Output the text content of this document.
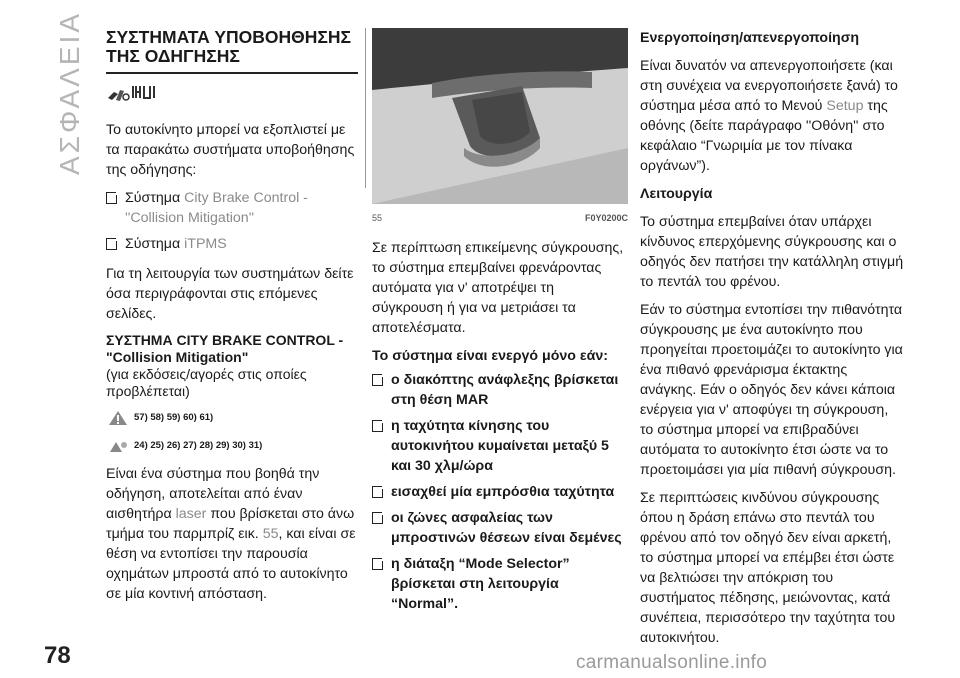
ΑΣΦΑΛΕΙΑ ΣΥΣΤΗΜΑΤΑ ΥΠΟΒΟΗΘΗΣΗΣ ΤΗΣ ΟΔΗΓΗΣΗΣ

Το αυτοκίνητο μπορεί να εξοπλιστεί με τα παρακάτω συστήματα υποβοήθησης της οδήγησης:

Σύστημα City Brake Control - ''Collision Mitigation''
Σύστημα iTPMS

Για τη λειτουργία των συστημάτων δείτε όσα περιγράφονται στις επόμενες σελίδες.

ΣΥΣΤΗΜΑ CITY BRAKE CONTROL - "Collision Mitigation"
(για εκδόσεις/αγορές στις οποίες προβλέπεται)
57) 58) 59) 60) 61)
24) 25) 26) 27) 28) 29) 30) 31)

Είναι ένα σύστημα που βοηθά την οδήγηση, αποτελείται από έναν αισθητήρα laser που βρίσκεται στο άνω τμήμα του παρμπρίζ εικ. 55, και είναι σε θέση να εντοπίσει την παρουσία οχημάτων μπροστά από το αυτοκίνητο σε μία κοντινή απόσταση.

55	F0Y0200C

Σε περίπτωση επικείμενης σύγκρουσης, το σύστημα επεμβαίνει φρενάροντας αυτόματα για ν' αποτρέψει τη σύγκρουση ή για να μετριάσει τα αποτελέσματα.

Το σύστημα είναι ενεργό μόνο εάν:

ο διακόπτης ανάφλεξης βρίσκεται στη θέση MAR
η ταχύτητα κίνησης του αυτοκινήτου κυμαίνεται μεταξύ 5 και 30 χλμ/ώρα
εισαχθεί μία εμπρόσθια ταχύτητα
οι ζώνες ασφαλείας των μπροστινών θέσεων είναι δεμένες
η διάταξη “Mode Selector” βρίσκεται στη λειτουργία “Normal”.

Ενεργοποίηση/απενεργοποίηση

Είναι δυνατόν να απενεργοποιήσετε (και στη συνέχεια να ενεργοποιήσετε ξανά) το σύστημα μέσα από το Μενού Setup της οθόνης (δείτε παράγραφο ''Οθόνη'' στο κεφάλαιο “Γνωριμία με τον πίνακα οργάνων”).

Λειτουργία

Το σύστημα επεμβαίνει όταν υπάρχει κίνδυνος επερχόμενης σύγκρουσης και ο οδηγός δεν πατήσει την κατάλληλη στιγμή το πεντάλ του φρένου.

Εάν το σύστημα εντοπίσει την πιθανότητα σύγκρουσης με ένα αυτοκίνητο που προηγείται προετοιμάζει το αυτοκίνητο για ένα πιθανό φρενάρισμα έκτακτης ανάγκης. Εάν ο οδηγός δεν κάνει κάποια ενέργεια για ν' αποφύγει τη σύγκρουση, το σύστημα μπορεί να επιβραδύνει αυτόματα το αυτοκίνητο έτσι ώστε να το προετοιμάσει για μία πιθανή σύγκρουση.

Σε περιπτώσεις κινδύνου σύγκρουσης όπου η δράση επάνω στο πεντάλ του φρένου από τον οδηγό δεν είναι αρκετή, το σύστημα μπορεί να επέμβει έτσι ώστε να βελτιώσει την απόκριση του συστήματος πέδησης, μειώνοντας, κατά συνέπεια, περισσότερο την ταχύτητα του αυτοκινήτου.

78	carmanualsonline.info
